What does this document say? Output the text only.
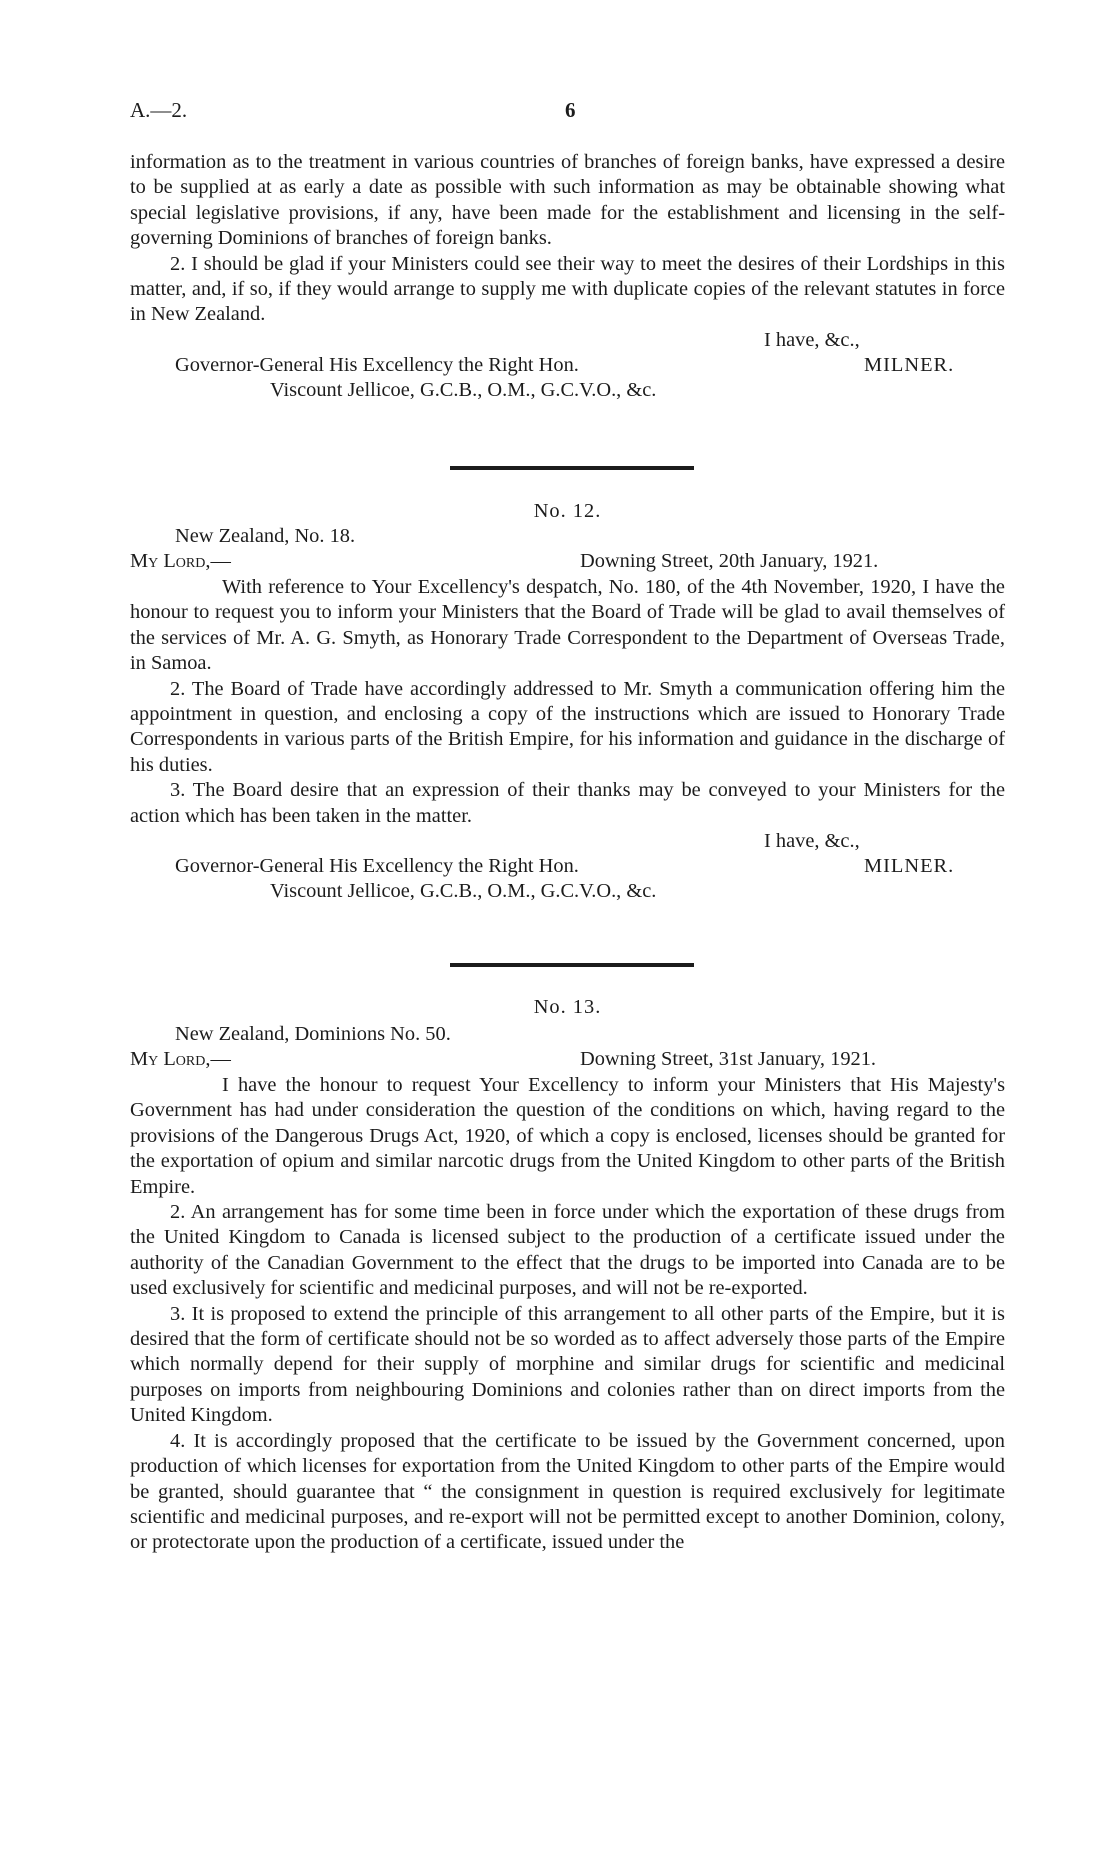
A.—2.	6

information as to the treatment in various countries of branches of foreign banks, have expressed a desire to be supplied at as early a date as possible with such information as may be obtainable showing what special legislative provisions, if any, have been made for the establishment and licensing in the self-governing Dominions of branches of foreign banks.

2. I should be glad if your Ministers could see their way to meet the desires of their Lordships in this matter, and, if so, if they would arrange to supply me with duplicate copies of the relevant statutes in force in New Zealand.

I have, &c.,
Governor-General His Excellency the Right Hon.	MILNER.
Viscount Jellicoe, G.C.B., O.M., G.C.V.O., &c.
No. 12.
New Zealand, No. 18.
My Lord,—	Downing Street, 20th January, 1921.

With reference to Your Excellency's despatch, No. 180, of the 4th November, 1920, I have the honour to request you to inform your Ministers that the Board of Trade will be glad to avail themselves of the services of Mr. A. G. Smyth, as Honorary Trade Correspondent to the Department of Overseas Trade, in Samoa.

2. The Board of Trade have accordingly addressed to Mr. Smyth a communication offering him the appointment in question, and enclosing a copy of the instructions which are issued to Honorary Trade Correspondents in various parts of the British Empire, for his information and guidance in the discharge of his duties.

3. The Board desire that an expression of their thanks may be conveyed to your Ministers for the action which has been taken in the matter.

I have, &c.,
Governor-General His Excellency the Right Hon.	MILNER.
Viscount Jellicoe, G.C.B., O.M., G.C.V.O., &c.
No. 13.
New Zealand, Dominions No. 50.
My Lord,—	Downing Street, 31st January, 1921.

I have the honour to request Your Excellency to inform your Ministers that His Majesty's Government has had under consideration the question of the conditions on which, having regard to the provisions of the Dangerous Drugs Act, 1920, of which a copy is enclosed, licenses should be granted for the exportation of opium and similar narcotic drugs from the United Kingdom to other parts of the British Empire.

2. An arrangement has for some time been in force under which the exportation of these drugs from the United Kingdom to Canada is licensed subject to the production of a certificate issued under the authority of the Canadian Government to the effect that the drugs to be imported into Canada are to be used exclusively for scientific and medicinal purposes, and will not be re-exported.

3. It is proposed to extend the principle of this arrangement to all other parts of the Empire, but it is desired that the form of certificate should not be so worded as to affect adversely those parts of the Empire which normally depend for their supply of morphine and similar drugs for scientific and medicinal purposes on imports from neighbouring Dominions and colonies rather than on direct imports from the United Kingdom.

4. It is accordingly proposed that the certificate to be issued by the Government concerned, upon production of which licenses for exportation from the United Kingdom to other parts of the Empire would be granted, should guarantee that “ the consignment in question is required exclusively for legitimate scientific and medicinal purposes, and re-export will not be permitted except to another Dominion, colony, or protectorate upon the production of a certificate, issued under the
